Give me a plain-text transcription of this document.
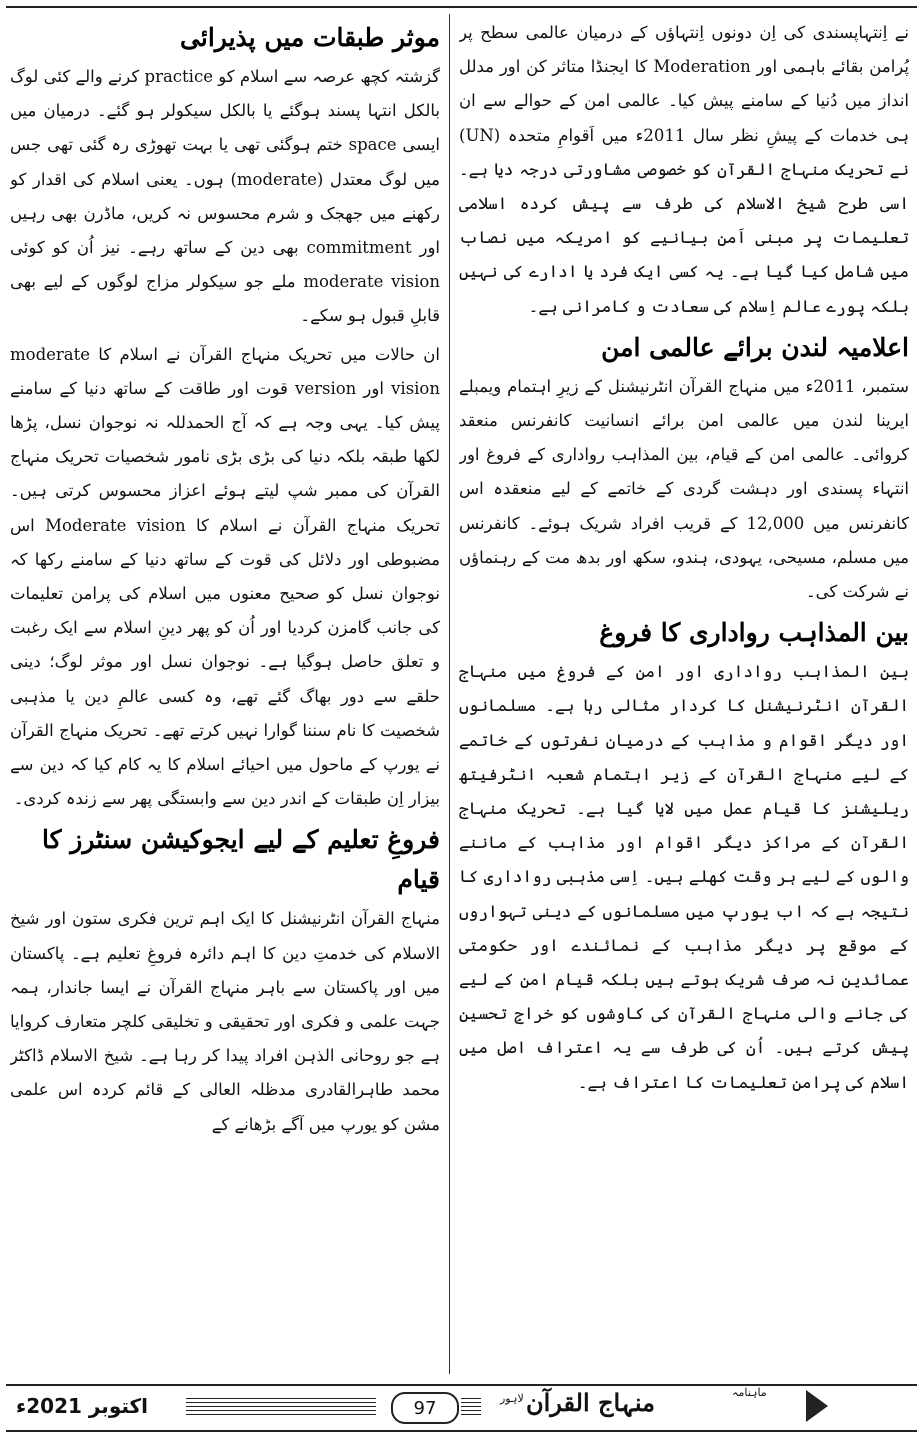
نے اِنتہاپسندی کی اِن دونوں اِنتہاؤں کے درمیان عالمی سطح پر پُرامن بقائے باہمی اور Moderation کا ایجنڈا متاثر کن اور مدلل انداز میں دُنیا کے سامنے پیش کیا۔ عالمی امن کے حوالے سے ان ہی خدمات کے پیشِ نظر سال 2011ء میں اَقوامِ متحدہ (UN) نے تحریک منہاج القرآن کو خصوصی مشاورتی درجہ دیا ہے۔ اسی طرح شیخ الاسلام کی طرف سے پیش کردہ اسلامی تعلیمات پر مبنی اَمن بیانیے کو امریکہ میں نصاب میں شامل کیا گیا ہے۔ یہ کسی ایک فرد یا ادارے کی نہیں بلکہ پورے عالم اِسلام کی سعادت و کامرانی ہے۔

اعلامیہ لندن برائے عالمی امن

ستمبر، 2011ء میں منہاج القرآن انٹرنیشنل کے زیرِ اہتمام ویمبلے ایرینا لندن میں عالمی امن برائے انسانیت کانفرنس منعقد کروائی۔ عالمی امن کے قیام، بین المذاہب رواداری کے فروغ اور انتہاء پسندی اور دہشت گردی کے خاتمے کے لیے منعقدہ اس کانفرنس میں 12,000 کے قریب افراد شریک ہوئے۔ کانفرنس میں مسلم، مسیحی، یہودی، ہندو، سکھ اور بدھ مت کے رہنماؤں نے شرکت کی۔

بین المذاہب رواداری کا فروغ

بین المذاہب رواداری اور امن کے فروغ میں منہاج القرآن انٹرنیشنل کا کردار مثالی رہا ہے۔ مسلمانوں اور دیگر اقوام و مذاہب کے درمیان نفرتوں کے خاتمے کے لیے منہاج القرآن کے زیر اہتمام شعبہ انٹرفیتھ ریلیشنز کا قیام عمل میں لایا گیا ہے۔ تحریک منہاج القرآن کے مراکز دیگر اقوام اور مذاہب کے ماننے والوں کے لیے ہر وقت کھلے ہیں۔ اِسی مذہبی رواداری کا نتیجہ ہے کہ اب یورپ میں مسلمانوں کے دینی تہواروں کے موقع پر دیگر مذاہب کے نمائندے اور حکومتی عمائدین نہ صرف شریک ہوتے ہیں بلکہ قیام امن کے لیے کی جانے والی منہاج القرآن کی کاوشوں کو خراجِ تحسین پیش کرتے ہیں۔ اُن کی طرف سے یہ اعتراف اصل میں اسلام کی پرامن تعلیمات کا اعتراف ہے۔

موثر طبقات میں پذیرائی

گزشتہ کچھ عرصہ سے اسلام کو practice کرنے والے کئی لوگ بالکل انتہا پسند ہوگئے یا بالکل سیکولر ہو گئے۔ درمیان میں ایسی space ختم ہوگئی تھی یا بہت تھوڑی رہ گئی تھی جس میں لوگ معتدل (moderate) ہوں۔ یعنی اسلام کی اقدار کو رکھنے میں جھجک و شرم محسوس نہ کریں، ماڈرن بھی رہیں اور commitment بھی دین کے ساتھ رہے۔ نیز اُن کو کوئی moderate vision ملے جو سیکولر مزاج لوگوں کے لیے بھی قابلِ قبول ہو سکے۔

ان حالات میں تحریک منہاج القرآن نے اسلام کا moderate vision اور version قوت اور طاقت کے ساتھ دنیا کے سامنے پیش کیا۔ یہی وجہ ہے کہ آج الحمدللہ نہ نوجوان نسل، پڑھا لکھا طبقہ بلکہ دنیا کی بڑی بڑی نامور شخصیات تحریک منہاج القرآن کی ممبر شپ لیتے ہوئے اعزاز محسوس کرتی ہیں۔ تحریک منہاج القرآن نے اسلام کا Moderate vision اس مضبوطی اور دلائل کی قوت کے ساتھ دنیا کے سامنے رکھا کہ نوجوان نسل کو صحیح معنوں میں اسلام کی پرامن تعلیمات کی جانب گامزن کردیا اور اُن کو پھر دینِ اسلام سے ایک رغبت و تعلق حاصل ہوگیا ہے۔ نوجوان نسل اور موثر لوگ؛ دینی حلقے سے دور بھاگ گئے تھے، وہ کسی عالمِ دین یا مذہبی شخصیت کا نام سننا گوارا نہیں کرتے تھے۔ تحریک منہاج القرآن نے یورپ کے ماحول میں احیائے اسلام کا یہ کام کیا کہ دین سے بیزار اِن طبقات کے اندر دین سے وابستگی پھر سے زندہ کردی۔

فروغِ تعلیم کے لیے ایجوکیشن سنٹرز کا قیام

منہاج القرآن انٹرنیشنل کا ایک اہم ترین فکری ستون اور شیخ الاسلام کی خدمتِ دین کا اہم دائرہ فروغِ تعلیم ہے۔ پاکستان میں اور پاکستان سے باہر منہاج القرآن نے ایسا جاندار، ہمہ جہت علمی و فکری اور تحقیقی و تخلیقی کلچر متعارف کروایا ہے جو روحانی الذہن افراد پیدا کر رہا ہے۔ شیخ الاسلام ڈاکٹر محمد طاہرالقادری مدظلہ العالی کے قائم کردہ اس علمی مشن کو یورپ میں آگے بڑھانے کے

اکتوبر 2021ء	97
ماہنامہ
منہاج القرآن
لاہور
